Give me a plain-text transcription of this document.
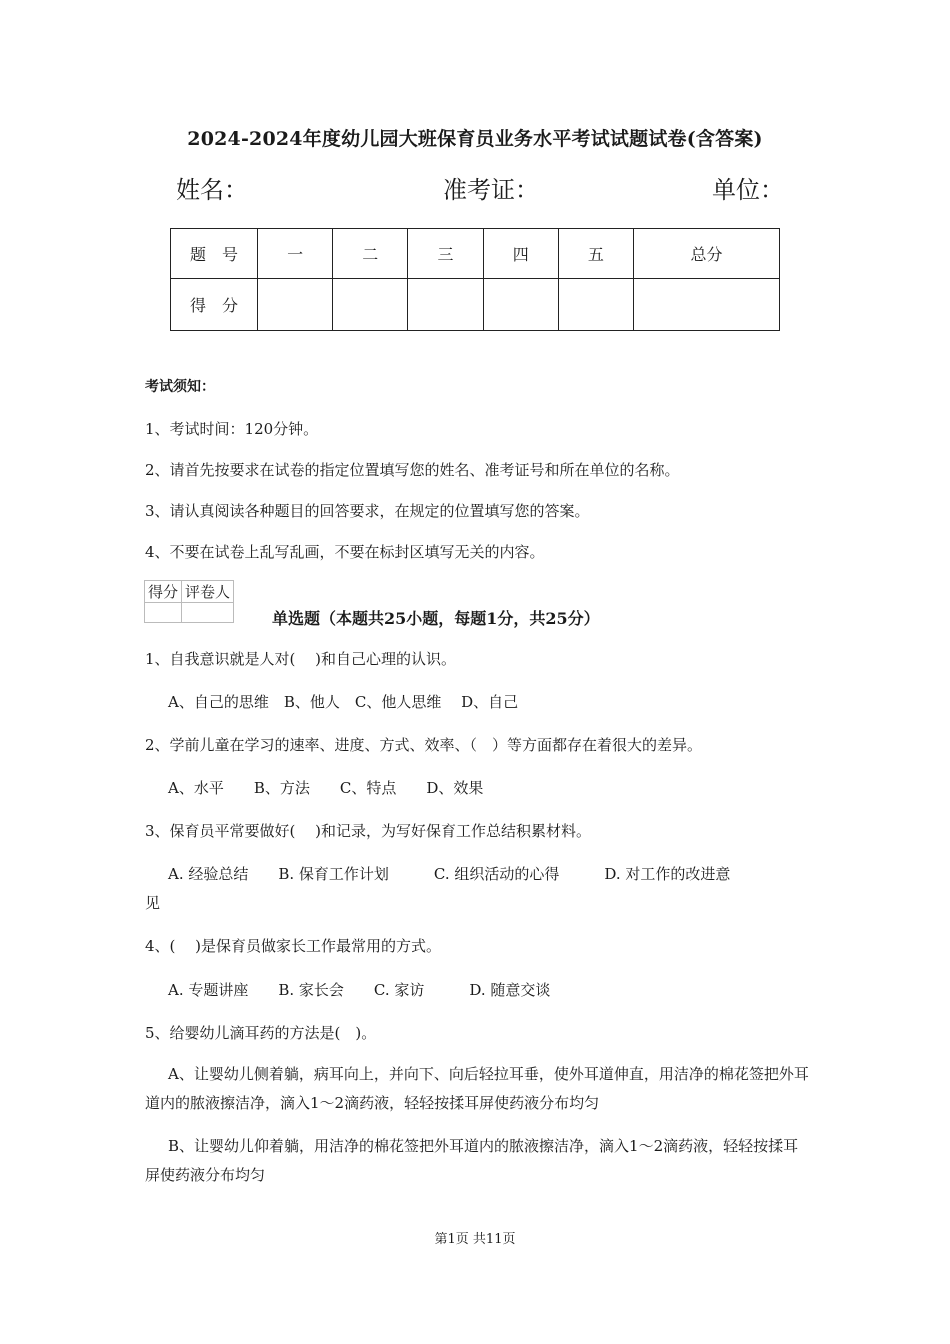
2024-2024年度幼儿园大班保育员业务水平考试试题试卷(含答案)
姓名：	准考证：	单位：
题　号	一	二	三	四	五	总分
得　分						
考试须知：
1、考试时间：120分钟。
2、请首先按要求在试卷的指定位置填写您的姓名、准考证号和所在单位的名称。
3、请认真阅读各种题目的回答要求，在规定的位置填写您的答案。
4、不要在试卷上乱写乱画，不要在标封区填写无关的内容。
得分	评卷人

单选题（本题共25小题，每题1分，共25分）
1、自我意识就是人对(　 )和自己心理的认识。
A、自己的思维　B、他人　C、他人思维　 D、自己
2、学前儿童在学习的速率、进度、方式、效率、（　）等方面都存在着很大的差异。
A、水平　　B、方法　　C、特点　　D、效果
3、保育员平常要做好(　 )和记录，为写好保育工作总结积累材料。
A. 经验总结　　B. 保育工作计划　　　C. 组织活动的心得　　　D. 对工作的改进意
见
4、(　 )是保育员做家长工作最常用的方式。
A. 专题讲座　　B. 家长会　　C. 家访　　　D. 随意交谈
5、给婴幼儿滴耳药的方法是(　)。
A、让婴幼儿侧着躺，病耳向上，并向下、向后轻拉耳垂，使外耳道伸直，用洁净的棉花签把外耳道内的脓液擦洁净，滴入1～2滴药液，轻轻按揉耳屏使药液分布均匀
B、让婴幼儿仰着躺，用洁净的棉花签把外耳道内的脓液擦洁净，滴入1～2滴药液，轻轻按揉耳屏使药液分布均匀
第1页 共11页
